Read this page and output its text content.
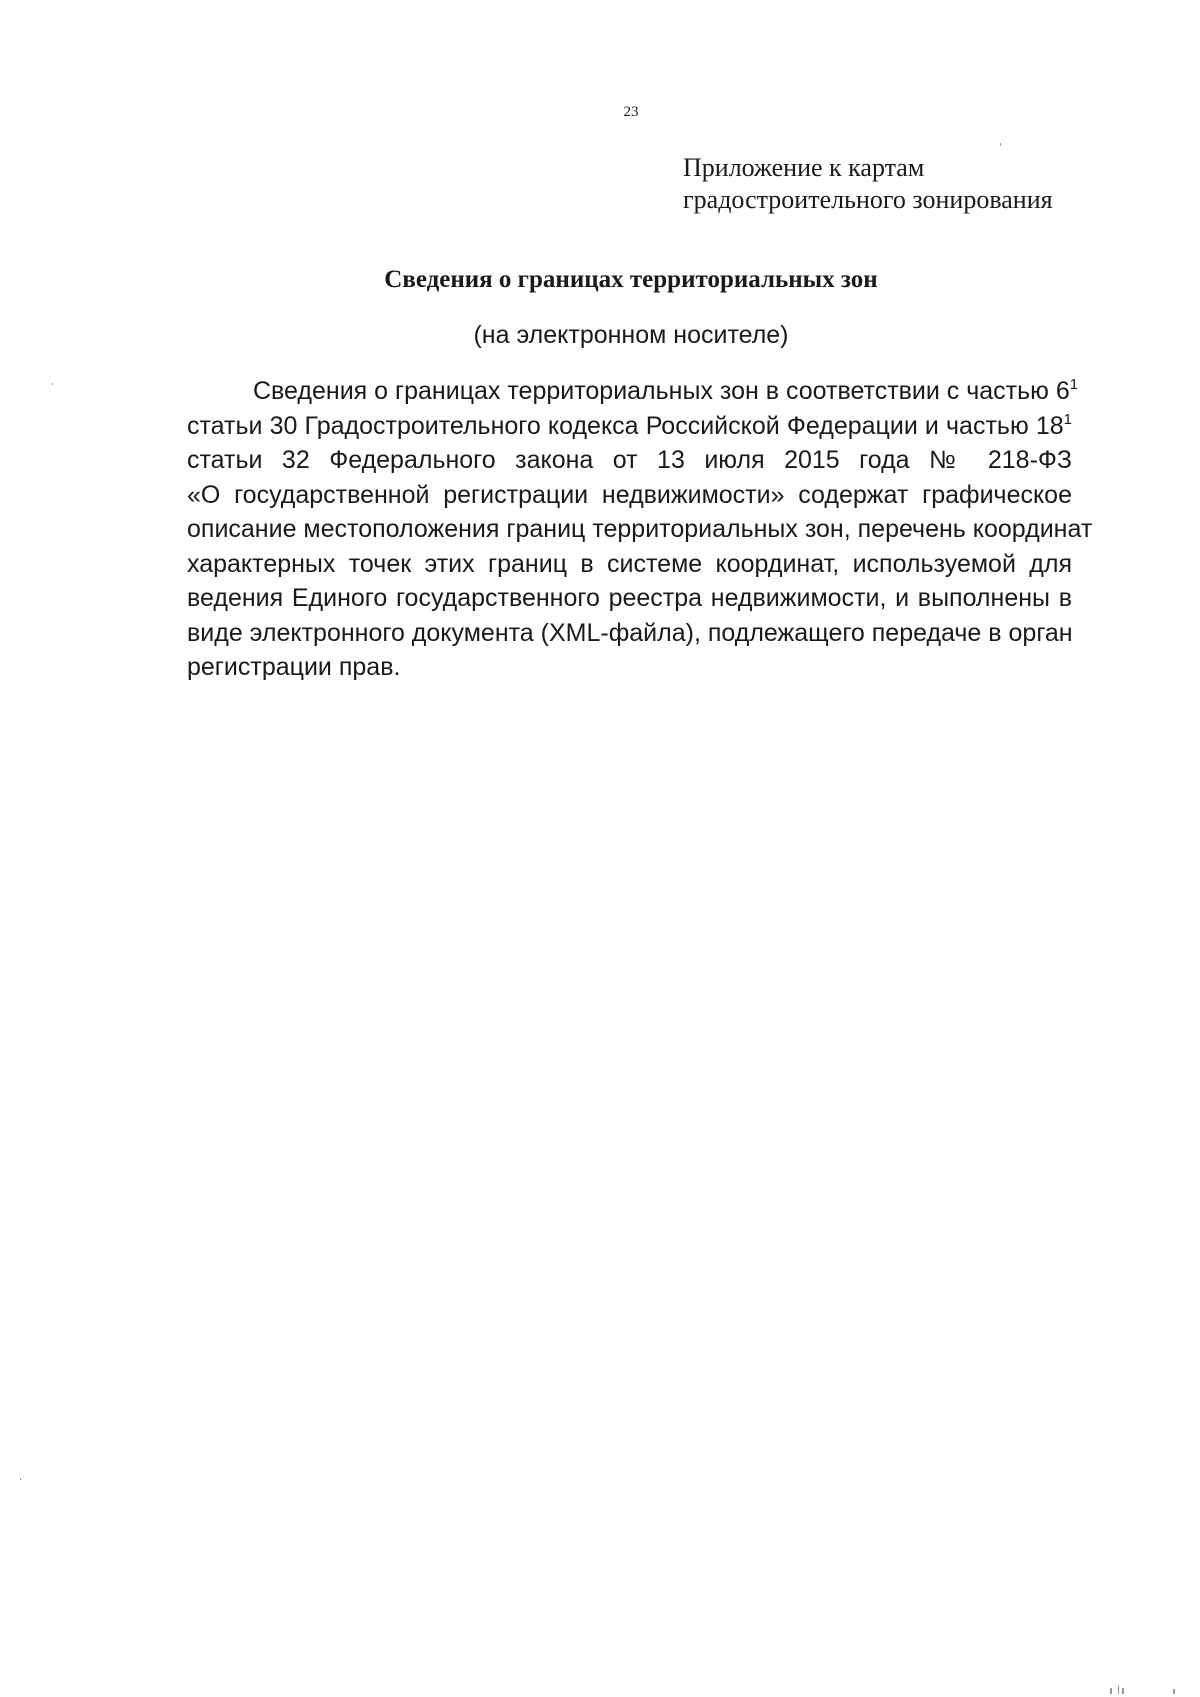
23
Приложение к картам
градостроительного зонирования
Сведения о границах территориальных зон
(на электронном носителе)
Сведения о границах территориальных зон в соответствии с частью $6^1$
статьи 30 Градостроительного кодекса Российской Федерации и частью $18^1$
статьи 32 Федерального закона от 13 июля 2015 года № 218-ФЗ
«О государственной регистрации недвижимости» содержат графическое
описание местоположения границ территориальных зон, перечень координат
характерных точек этих границ в системе координат, используемой для
ведения Единого государственного реестра недвижимости, и выполнены в
виде электронного документа (XML-файла), подлежащего передаче в орган
регистрации прав.
